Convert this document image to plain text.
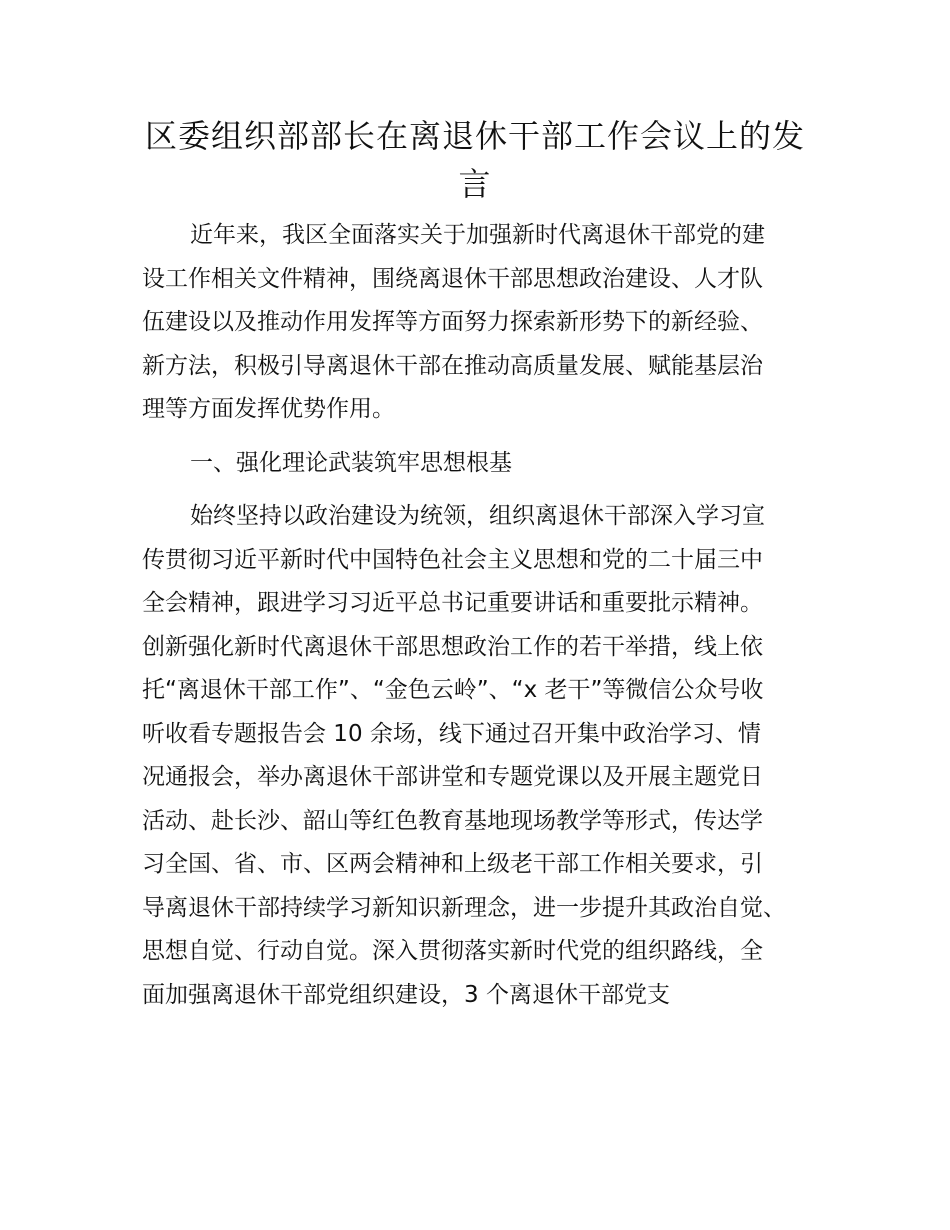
区委组织部部长在离退休干部工作会议上的发
言
近年来，我区全面落实关于加强新时代离退休干部党的建
设工作相关文件精神，围绕离退休干部思想政治建设、人才队
伍建设以及推动作用发挥等方面努力探索新形势下的新经验、
新方法，积极引导离退休干部在推动高质量发展、赋能基层治
理等方面发挥优势作用。
一、强化理论武装筑牢思想根基
始终坚持以政治建设为统领，组织离退休干部深入学习宣
传贯彻习近平新时代中国特色社会主义思想和党的二十届三中
全会精神，跟进学习习近平总书记重要讲话和重要批示精神。
创新强化新时代离退休干部思想政治工作的若干举措，线上依
托“离退休干部工作”、“金色云岭”、“x 老干”等微信公众号收
听收看专题报告会 10 余场，线下通过召开集中政治学习、情
况通报会，举办离退休干部讲堂和专题党课以及开展主题党日
活动、赴长沙、韶山等红色教育基地现场教学等形式，传达学
习全国、省、市、区两会精神和上级老干部工作相关要求，引
导离退休干部持续学习新知识新理念，进一步提升其政治自觉、
思想自觉、行动自觉。深入贯彻落实新时代党的组织路线，全
面加强离退休干部党组织建设，3 个离退休干部党支
